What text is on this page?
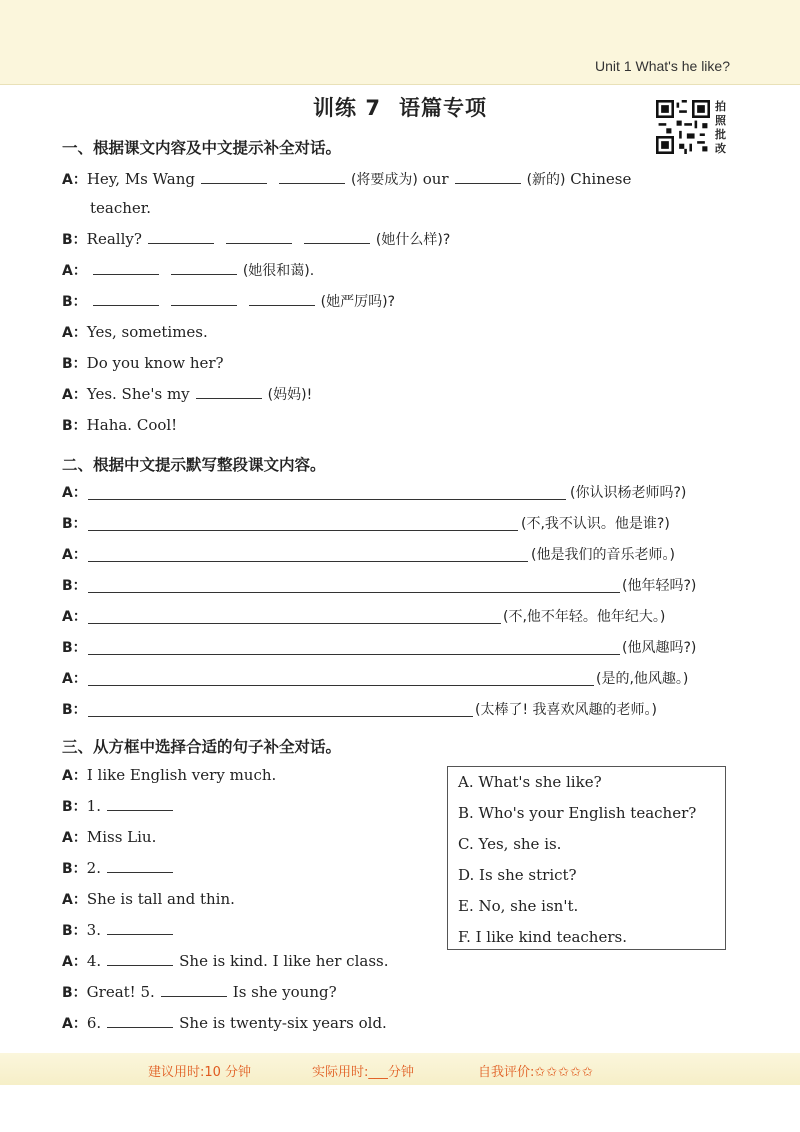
Unit 1 What's he like?
训练 7 语篇专项	拍
照
批
改
一、根据课文内容及中文提示补全对话。
A：Hey, Ms Wang	(将要成为) our	(新的) Chinese
teacher.
B：Really?	(她什么样)?
A：	(她很和蔼).
B：	(她严厉吗)?
A：Yes, sometimes.
B：Do you know her?
A：Yes. She's my	(妈妈)!
B：Haha. Cool!
二、根据中文提示默写整段课文内容。
A：	(你认识杨老师吗?)
B：	(不,我不认识。他是谁?)
A：	(他是我们的音乐老师。)
B：	(他年轻吗?)
A：	(不,他不年轻。他年纪大。)
B：	(他风趣吗?)
A：	(是的,他风趣。)
B：	(太棒了! 我喜欢风趣的老师。)
三、从方框中选择合适的句子补全对话。
A：I like English very much.
B：1.
A：Miss Liu.
B：2.
A：She is tall and thin.
B：3.
A：4.	She is kind. I like her class.
B：Great! 5.	Is she young?
A：6.	She is twenty-six years old.
A. What's she like?
B. Who's your English teacher?
C. Yes, she is.
D. Is she strict?
E. No, she isn't.
F. I like kind teachers.
建议用时:10 分钟	实际用时:___分钟	自我评价:✩✩✩✩✩
